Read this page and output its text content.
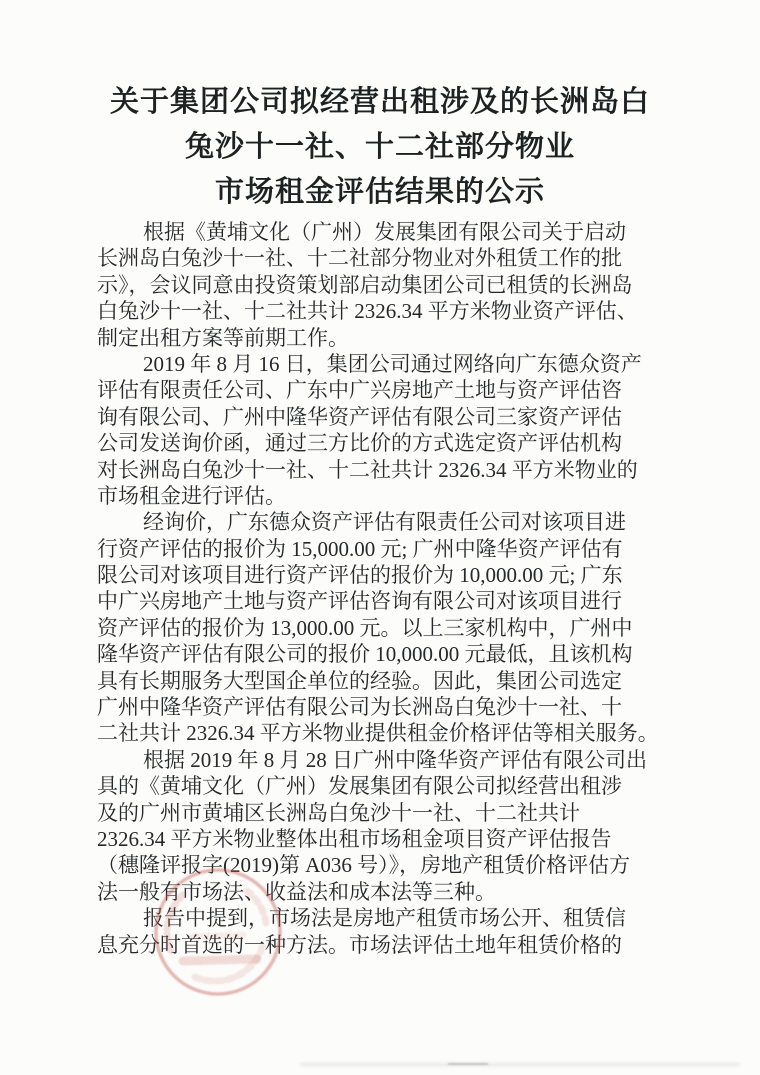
关于集团公司拟经营出租涉及的长洲岛白
兔沙十一社、十二社部分物业
市场租金评估结果的公示

根据《黄埔文化（广州）发展集团有限公司关于启动
长洲岛白兔沙十一社、十二社部分物业对外租赁工作的批
示》，会议同意由投资策划部启动集团公司已租赁的长洲岛
白兔沙十一社、十二社共计 2326.34 平方米物业资产评估、
制定出租方案等前期工作。

2019 年 8 月 16 日，集团公司通过网络向广东德众资产
评估有限责任公司、广东中广兴房地产土地与资产评估咨
询有限公司、广州中隆华资产评估有限公司三家资产评估
公司发送询价函，通过三方比价的方式选定资产评估机构
对长洲岛白兔沙十一社、十二社共计 2326.34 平方米物业的
市场租金进行评估。

经询价，广东德众资产评估有限责任公司对该项目进
行资产评估的报价为 15,000.00 元; 广州中隆华资产评估有
限公司对该项目进行资产评估的报价为 10,000.00 元; 广东
中广兴房地产土地与资产评估咨询有限公司对该项目进行
资产评估的报价为 13,000.00 元。以上三家机构中，广州中
隆华资产评估有限公司的报价 10,000.00 元最低，且该机构
具有长期服务大型国企单位的经验。因此，集团公司选定
广州中隆华资产评估有限公司为长洲岛白兔沙十一社、十
二社共计 2326.34 平方米物业提供租金价格评估等相关服务。

根据 2019 年 8 月 28 日广州中隆华资产评估有限公司出
具的《黄埔文化（广州）发展集团有限公司拟经营出租涉
及的广州市黄埔区长洲岛白兔沙十一社、十二社共计
2326.34 平方米物业整体出租市场租金项目资产评估报告
（穗隆评报字(2019)第 A036 号）》，房地产租赁价格评估方
法一般有市场法、收益法和成本法等三种。

报告中提到，市场法是房地产租赁市场公开、租赁信
息充分时首选的一种方法。市场法评估土地年租赁价格的
